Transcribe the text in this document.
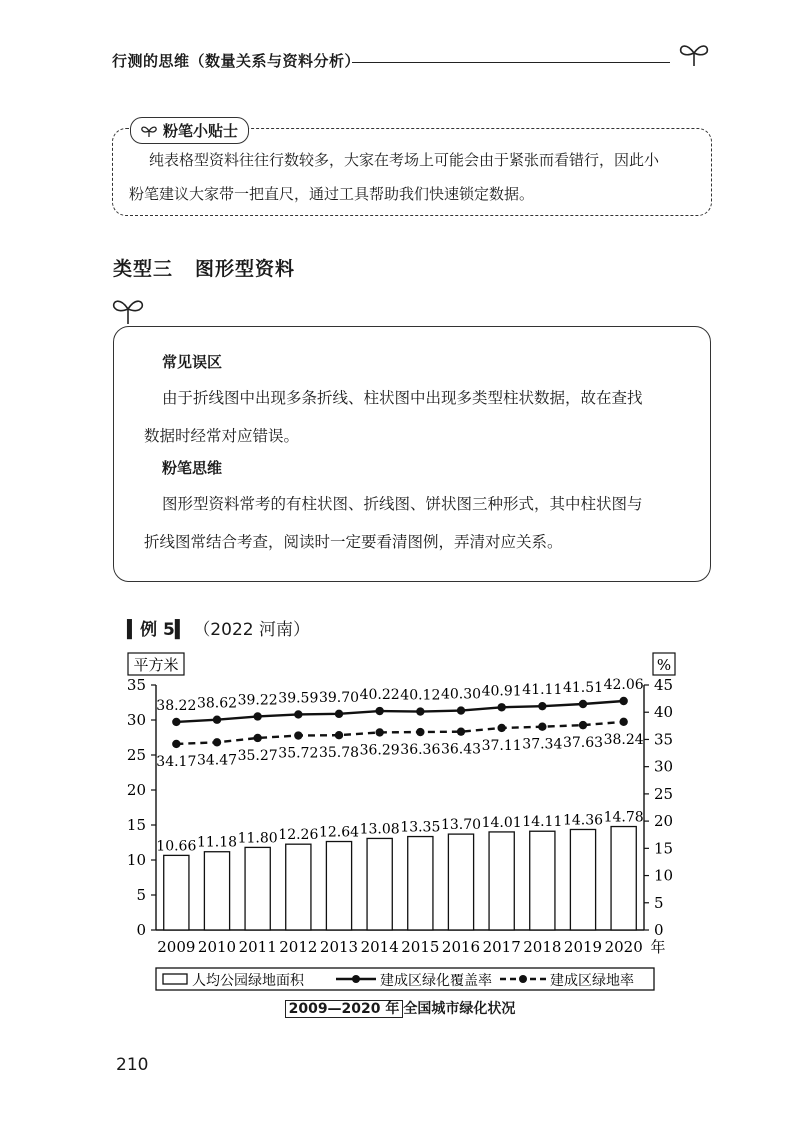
行测的思维（数量关系与资料分析）
纯表格型资料往往行数较多，大家在考场上可能会由于紧张而看错行，因此小
粉笔建议大家带一把直尺，通过工具帮助我们快速锁定数据。
粉笔小贴士
类型三 图形型资料
常见误区
由于折线图中出现多条折线、柱状图中出现多类型柱状数据，故在查找
数据时经常对应错误。
粉笔思维
图形型资料常考的有柱状图、折线图、饼状图三种形式，其中柱状图与
折线图常结合考查，阅读时一定要看清图例，弄清对应关系。
▍例 5▍ （2022 河南）
0
5
10
15
20
25
30
35
0
5
10
15
20
25
30
35
40
45
平方米	%
2009 2010 2011 2012 2013 2014 2015 2016 2017 2018 2019 2020 年
10.66 11.18 11.80 12.26 12.64 13.08 13.35 13.70 14.01 14.11 14.36 14.78
38.22 38.62 39.22 39.59 39.70 40.22 40.12 40.30 40.91 41.11 41.51 42.06
34.17 34.47 35.27 35.72 35.78 36.29 36.36 36.43 37.11 37.34 37.63 38.24
人均公园绿地面积	建成区绿化覆盖率	建成区绿地率
2009—2020 年 全国城市绿化状况
210
